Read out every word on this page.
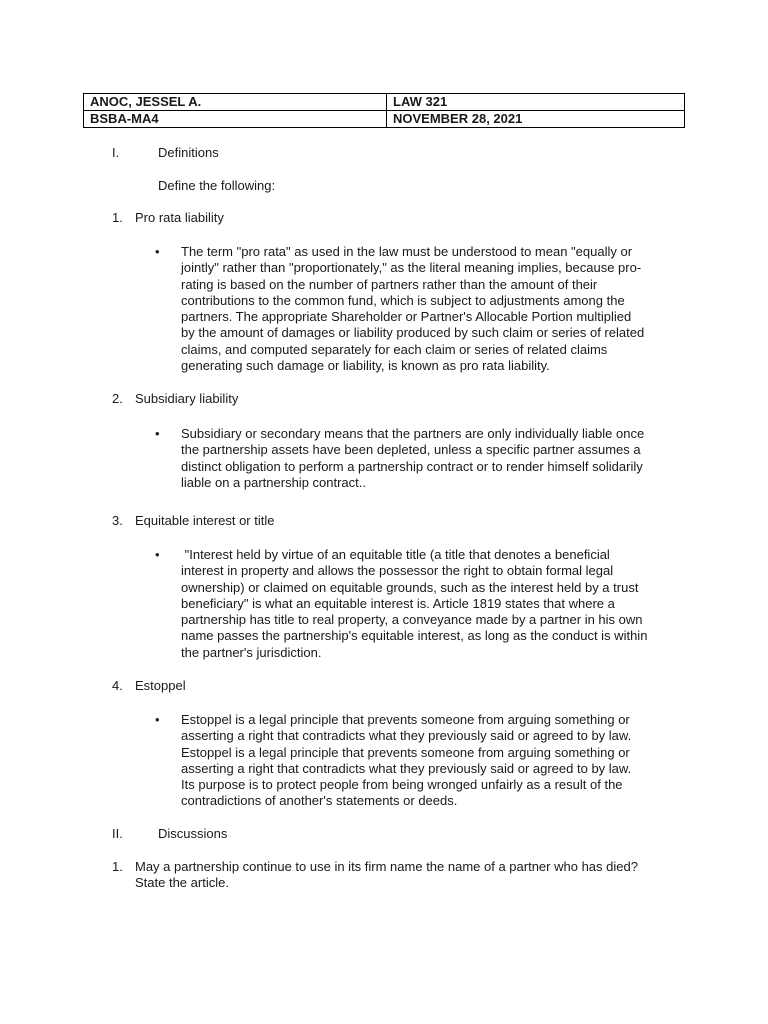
ANOC, JESSEL A.	LAW 321
BSBA-MA4	NOVEMBER 28, 2021
I.	Definitions
Define the following:
1. Pro rata liability
• The term "pro rata" as used in the law must be understood to mean "equally or
jointly" rather than "proportionately," as the literal meaning implies, because pro-
rating is based on the number of partners rather than the amount of their
contributions to the common fund, which is subject to adjustments among the
partners. The appropriate Shareholder or Partner's Allocable Portion multiplied
by the amount of damages or liability produced by such claim or series of related
claims, and computed separately for each claim or series of related claims
generating such damage or liability, is known as pro rata liability.
2. Subsidiary liability
• Subsidiary or secondary means that the partners are only individually liable once
the partnership assets have been depleted, unless a specific partner assumes a
distinct obligation to perform a partnership contract or to render himself solidarily
liable on a partnership contract..
3. Equitable interest or title
• "Interest held by virtue of an equitable title (a title that denotes a beneficial
interest in property and allows the possessor the right to obtain formal legal
ownership) or claimed on equitable grounds, such as the interest held by a trust
beneficiary" is what an equitable interest is. Article 1819 states that where a
partnership has title to real property, a conveyance made by a partner in his own
name passes the partnership's equitable interest, as long as the conduct is within
the partner's jurisdiction.
4. Estoppel
• Estoppel is a legal principle that prevents someone from arguing something or
asserting a right that contradicts what they previously said or agreed to by law.
Estoppel is a legal principle that prevents someone from arguing something or
asserting a right that contradicts what they previously said or agreed to by law.
Its purpose is to protect people from being wronged unfairly as a result of the
contradictions of another's statements or deeds.
II.	Discussions
1. May a partnership continue to use in its firm name the name of a partner who has died?
State the article.
